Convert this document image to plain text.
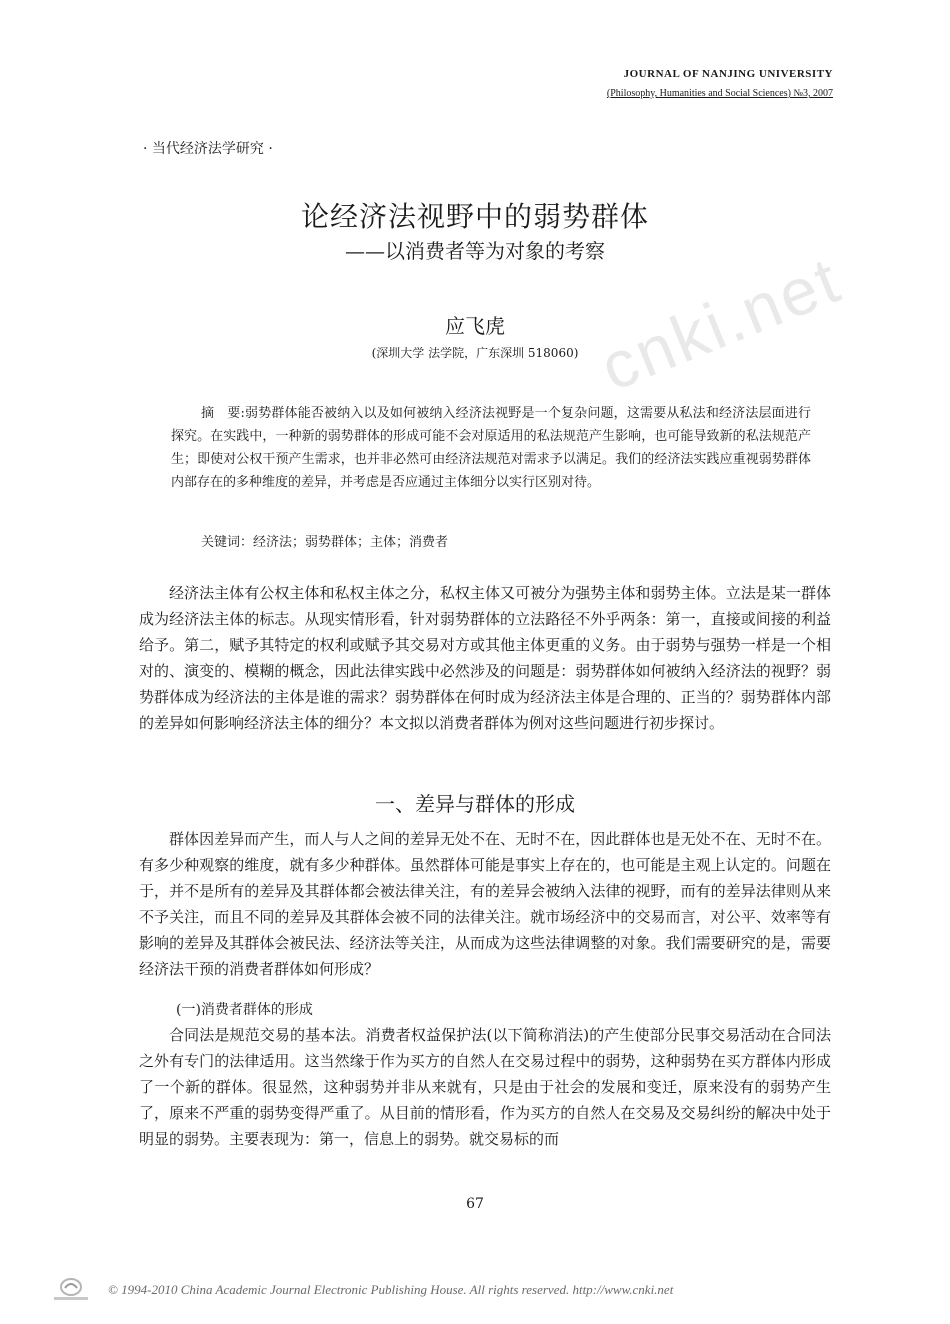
JOURNAL OF NANJING UNIVERSITY
(Philosophy, Humanities and Social Sciences) №3, 2007
· 当代经济法学研究 ·
论经济法视野中的弱势群体
——以消费者等为对象的考察
应飞虎
(深圳大学 法学院，广东深圳 518060) cnki.net
摘　要:弱势群体能否被纳入以及如何被纳入经济法视野是一个复杂问题，这需要从私法和经济法层面进行探究。在实践中，一种新的弱势群体的形成可能不会对原适用的私法规范产生影响，也可能导致新的私法规范产生；即使对公权干预产生需求，也并非必然可由经济法规范对需求予以满足。我们的经济法实践应重视弱势群体内部存在的多种维度的差异，并考虑是否应通过主体细分以实行区别对待。
关键词：经济法；弱势群体；主体；消费者
经济法主体有公权主体和私权主体之分，私权主体又可被分为强势主体和弱势主体。立法是某一群体成为经济法主体的标志。从现实情形看，针对弱势群体的立法路径不外乎两条：第一，直接或间接的利益给予。第二，赋予其特定的权利或赋予其交易对方或其他主体更重的义务。由于弱势与强势一样是一个相对的、演变的、模糊的概念，因此法律实践中必然涉及的问题是：弱势群体如何被纳入经济法的视野？弱势群体成为经济法的主体是谁的需求？弱势群体在何时成为经济法主体是合理的、正当的？弱势群体内部的差异如何影响经济法主体的细分？本文拟以消费者群体为例对这些问题进行初步探讨。
一、差异与群体的形成
群体因差异而产生，而人与人之间的差异无处不在、无时不在，因此群体也是无处不在、无时不在。有多少种观察的维度，就有多少种群体。虽然群体可能是事实上存在的，也可能是主观上认定的。问题在于，并不是所有的差异及其群体都会被法律关注，有的差异会被纳入法律的视野，而有的差异法律则从来不予关注，而且不同的差异及其群体会被不同的法律关注。就市场经济中的交易而言，对公平、效率等有影响的差异及其群体会被民法、经济法等关注，从而成为这些法律调整的对象。我们需要研究的是，需要经济法干预的消费者群体如何形成？
(一)消费者群体的形成
合同法是规范交易的基本法。消费者权益保护法(以下简称消法)的产生使部分民事交易活动在合同法之外有专门的法律适用。这当然缘于作为买方的自然人在交易过程中的弱势，这种弱势在买方群体内形成了一个新的群体。很显然，这种弱势并非从来就有，只是由于社会的发展和变迁，原来没有的弱势产生了，原来不严重的弱势变得严重了。从目前的情形看，作为买方的自然人在交易及交易纠纷的解决中处于明显的弱势。主要表现为：第一，信息上的弱势。就交易标的而
67
© 1994-2010 China Academic Journal Electronic Publishing House. All rights reserved. http://www.cnki.net
